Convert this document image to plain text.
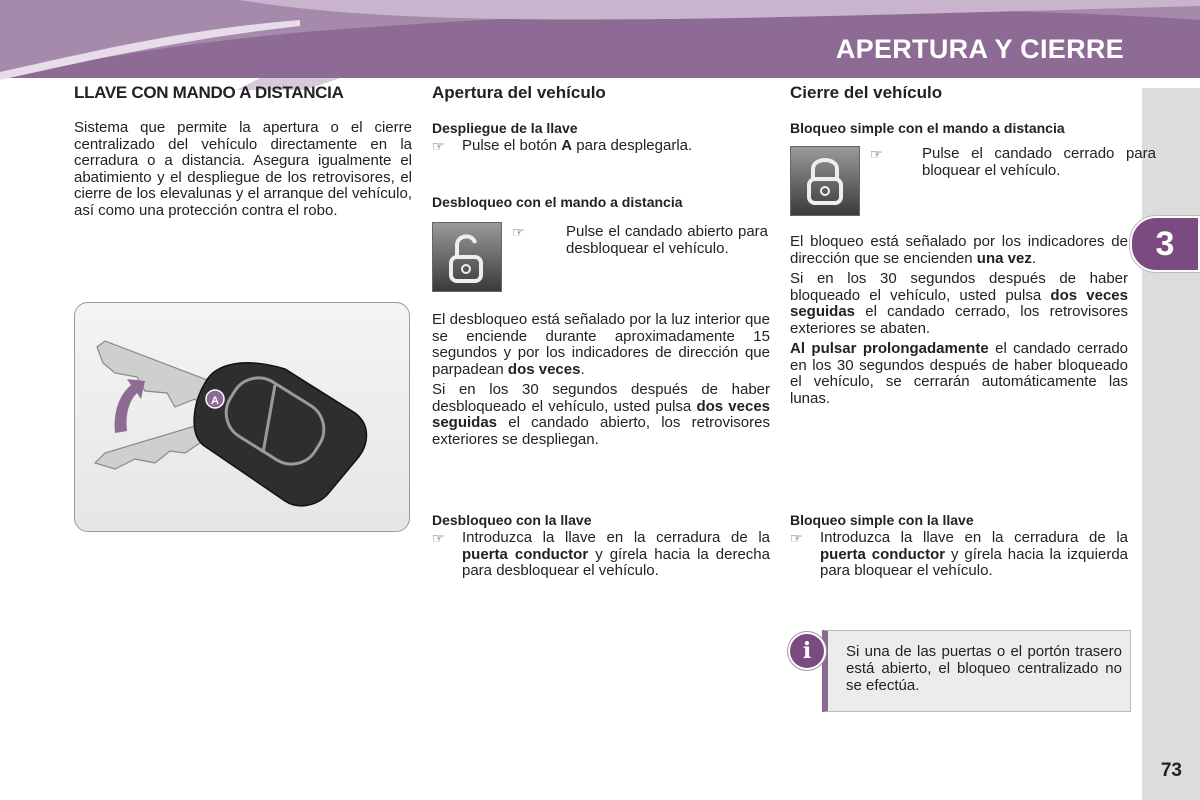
APERTURA Y CIERRE
3
73
LLAVE CON MANDO A DISTANCIA

Sistema que permite la apertura o el cierre centralizado del vehículo directamente en la cerradura o a distancia. Asegura igualmente el abatimiento y el despliegue de los retrovisores, el cierre de los elevalunas y el arranque del vehículo, así como una protección contra el robo.

A
Apertura del vehículo
Despliegue de la llave
☞ Pulse el botón A para desplegarla.
Desbloqueo con el mando a distancia
☞	Pulse el candado abierto para desbloquear el vehículo.

El desbloqueo está señalado por la luz interior que se enciende durante aproximadamente 15 segundos y por los indicadores de dirección que parpadean dos veces.

Si en los 30 segundos después de haber desbloqueado el vehículo, usted pulsa dos veces seguidas el candado abierto, los retrovisores exteriores se despliegan.

Desbloqueo con la llave
☞ Introduzca la llave en la cerradura de la puerta conductor y gírela hacia la derecha para desbloquear el vehículo.
Cierre del vehículo
Bloqueo simple con el mando a distancia
☞	Pulse el candado cerrado para bloquear el vehículo.

El bloqueo está señalado por los indicadores de dirección que se encienden una vez.

Si en los 30 segundos después de haber bloqueado el vehículo, usted pulsa dos veces seguidas el candado cerrado, los retrovisores exteriores se abaten.

Al pulsar prolongadamente el candado cerrado en los 30 segundos después de haber bloqueado el vehículo, se cerrarán automáticamente las lunas.

Bloqueo simple con la llave
☞ Introduzca la llave en la cerradura de la puerta conductor y gírela hacia la izquierda para bloquear el vehículo.
Si una de las puertas o el portón trasero está abierto, el bloqueo centralizado no se efectúa.
i
